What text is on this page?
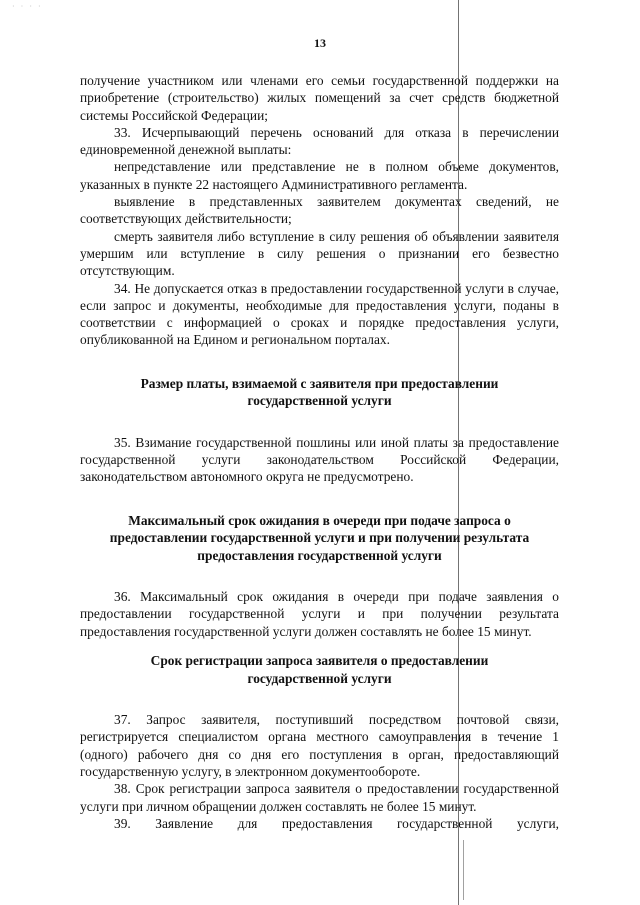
· · · ·
13

получение участником или членами его семьи государственной поддержки на приобретение (строительство) жилых помещений за счет средств бюджетной системы Российской Федерации;

33. Исчерпывающий перечень оснований для отказа в перечислении единовременной денежной выплаты:

непредставление или представление не в полном объеме документов, указанных в пункте 22 настоящего Административного регламента.

выявление в представленных заявителем документах сведений, не соответствующих действительности;

смерть заявителя либо вступление в силу решения об объявлении заявителя умершим или вступление в силу решения о признании его безвестно отсутствующим.

34. Не допускается отказ в предоставлении государственной услуги в случае, если запрос и документы, необходимые для предоставления услуги, поданы в соответствии с информацией о сроках и порядке предоставления услуги, опубликованной на Едином и региональном порталах.

Размер платы, взимаемой с заявителя при предоставлении
государственной услуги

35. Взимание государственной пошлины или иной платы за предоставление государственной услуги законодательством Российской Федерации, законодательством автономного округа не предусмотрено.

Максимальный срок ожидания в очереди при подаче запроса о
предоставлении государственной услуги и при получении результата
предоставления государственной услуги

36. Максимальный срок ожидания в очереди при подаче заявления о предоставлении государственной услуги и при получении результата предоставления государственной услуги должен составлять не более 15 минут.

Срок регистрации запроса заявителя о предоставлении
государственной услуги

37. Запрос заявителя, поступивший посредством почтовой связи, регистрируется специалистом органа местного самоуправления в течение 1 (одного) рабочего дня со дня его поступления в орган, предоставляющий государственную услугу, в электронном документообороте.

38. Срок регистрации запроса заявителя о предоставлении государственной услуги при личном обращении должен составлять не более 15 минут.

39. Заявление для предоставления государственной услуги,
